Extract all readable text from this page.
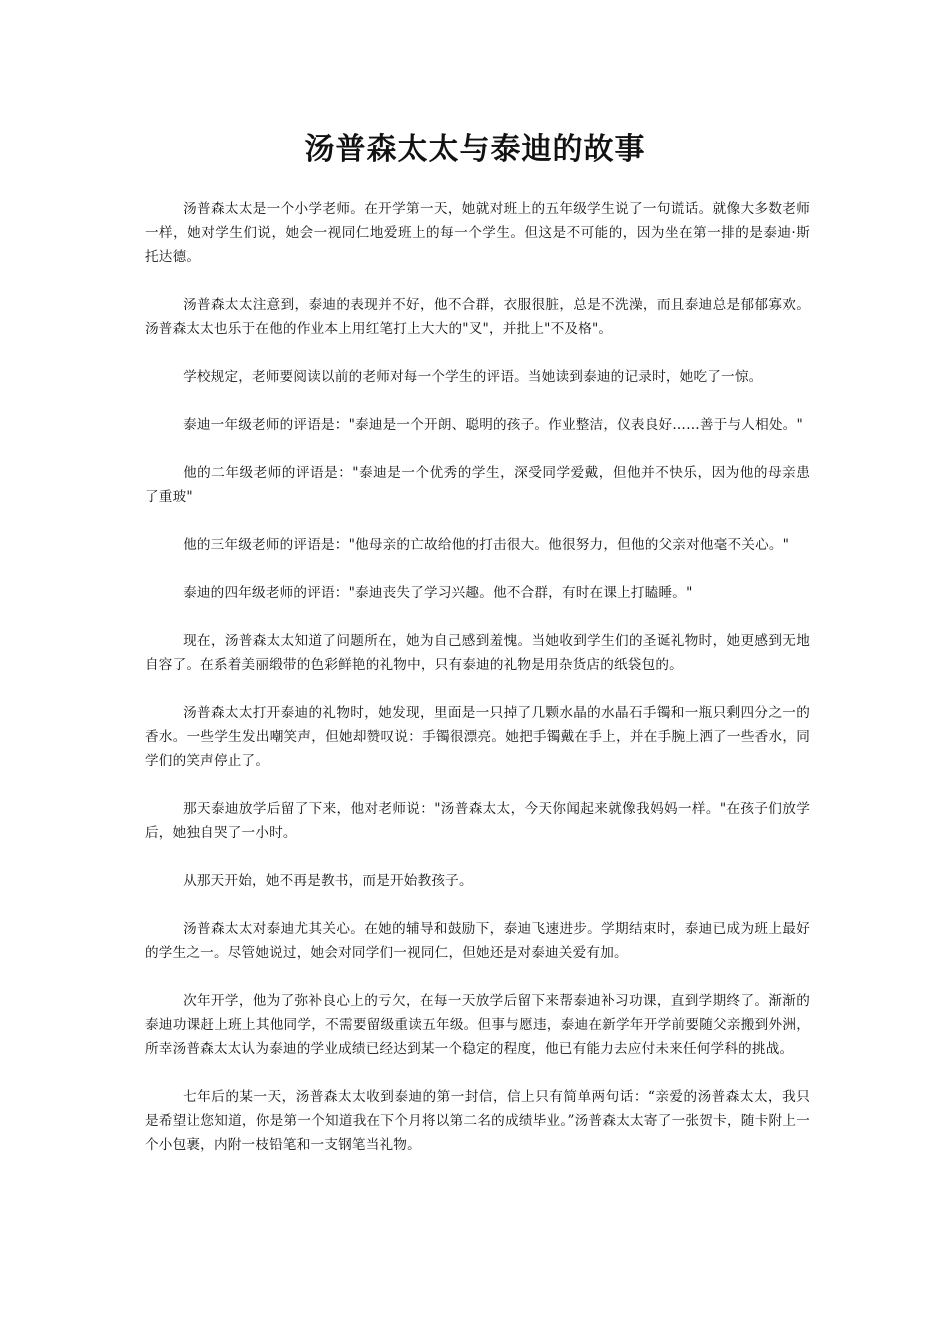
汤普森太太与泰迪的故事

汤普森太太是一个小学老师。在开学第一天，她就对班上的五年级学生说了一句谎话。就像大多数老师一样，她对学生们说，她会一视同仁地爱班上的每一个学生。但这是不可能的，因为坐在第一排的是泰迪·斯托达德。

汤普森太太注意到，泰迪的表现并不好，他不合群，衣服很脏，总是不洗澡，而且泰迪总是郁郁寡欢。汤普森太太也乐于在他的作业本上用红笔打上大大的"叉"，并批上"不及格"。

学校规定，老师要阅读以前的老师对每一个学生的评语。当她读到泰迪的记录时，她吃了一惊。

泰迪一年级老师的评语是："泰迪是一个开朗、聪明的孩子。作业整洁，仪表良好……善于与人相处。"

他的二年级老师的评语是："泰迪是一个优秀的学生，深受同学爱戴，但他并不快乐，因为他的母亲患了重玻"

他的三年级老师的评语是："他母亲的亡故给他的打击很大。他很努力，但他的父亲对他毫不关心。"

泰迪的四年级老师的评语："泰迪丧失了学习兴趣。他不合群，有时在课上打瞌睡。"

现在，汤普森太太知道了问题所在，她为自己感到羞愧。当她收到学生们的圣诞礼物时，她更感到无地自容了。在系着美丽缎带的色彩鲜艳的礼物中，只有泰迪的礼物是用杂货店的纸袋包的。

汤普森太太打开泰迪的礼物时，她发现，里面是一只掉了几颗水晶的水晶石手镯和一瓶只剩四分之一的香水。一些学生发出嘲笑声，但她却赞叹说：手镯很漂亮。她把手镯戴在手上，并在手腕上洒了一些香水，同学们的笑声停止了。

那天泰迪放学后留了下来，他对老师说："汤普森太太，今天你闻起来就像我妈妈一样。"在孩子们放学后，她独自哭了一小时。

从那天开始，她不再是教书，而是开始教孩子。

汤普森太太对泰迪尤其关心。在她的辅导和鼓励下，泰迪飞速进步。学期结束时，泰迪已成为班上最好的学生之一。尽管她说过，她会对同学们一视同仁，但她还是对泰迪关爱有加。

次年开学，他为了弥补良心上的亏欠，在每一天放学后留下来帮泰迪补习功课，直到学期终了。渐渐的泰迪功课赶上班上其他同学，不需要留级重读五年级。但事与愿违，泰迪在新学年开学前要随父亲搬到外洲，所幸汤普森太太认为泰迪的学业成绩已经达到某一个稳定的程度，他已有能力去应付未来任何学科的挑战。

七年后的某一天，汤普森太太收到泰迪的第一封信，信上只有简单两句话：“亲爱的汤普森太太，我只是希望让您知道，你是第一个知道我在下个月将以第二名的成绩毕业。”汤普森太太寄了一张贺卡，随卡附上一个小包裹，内附一枝铅笔和一支钢笔当礼物。
